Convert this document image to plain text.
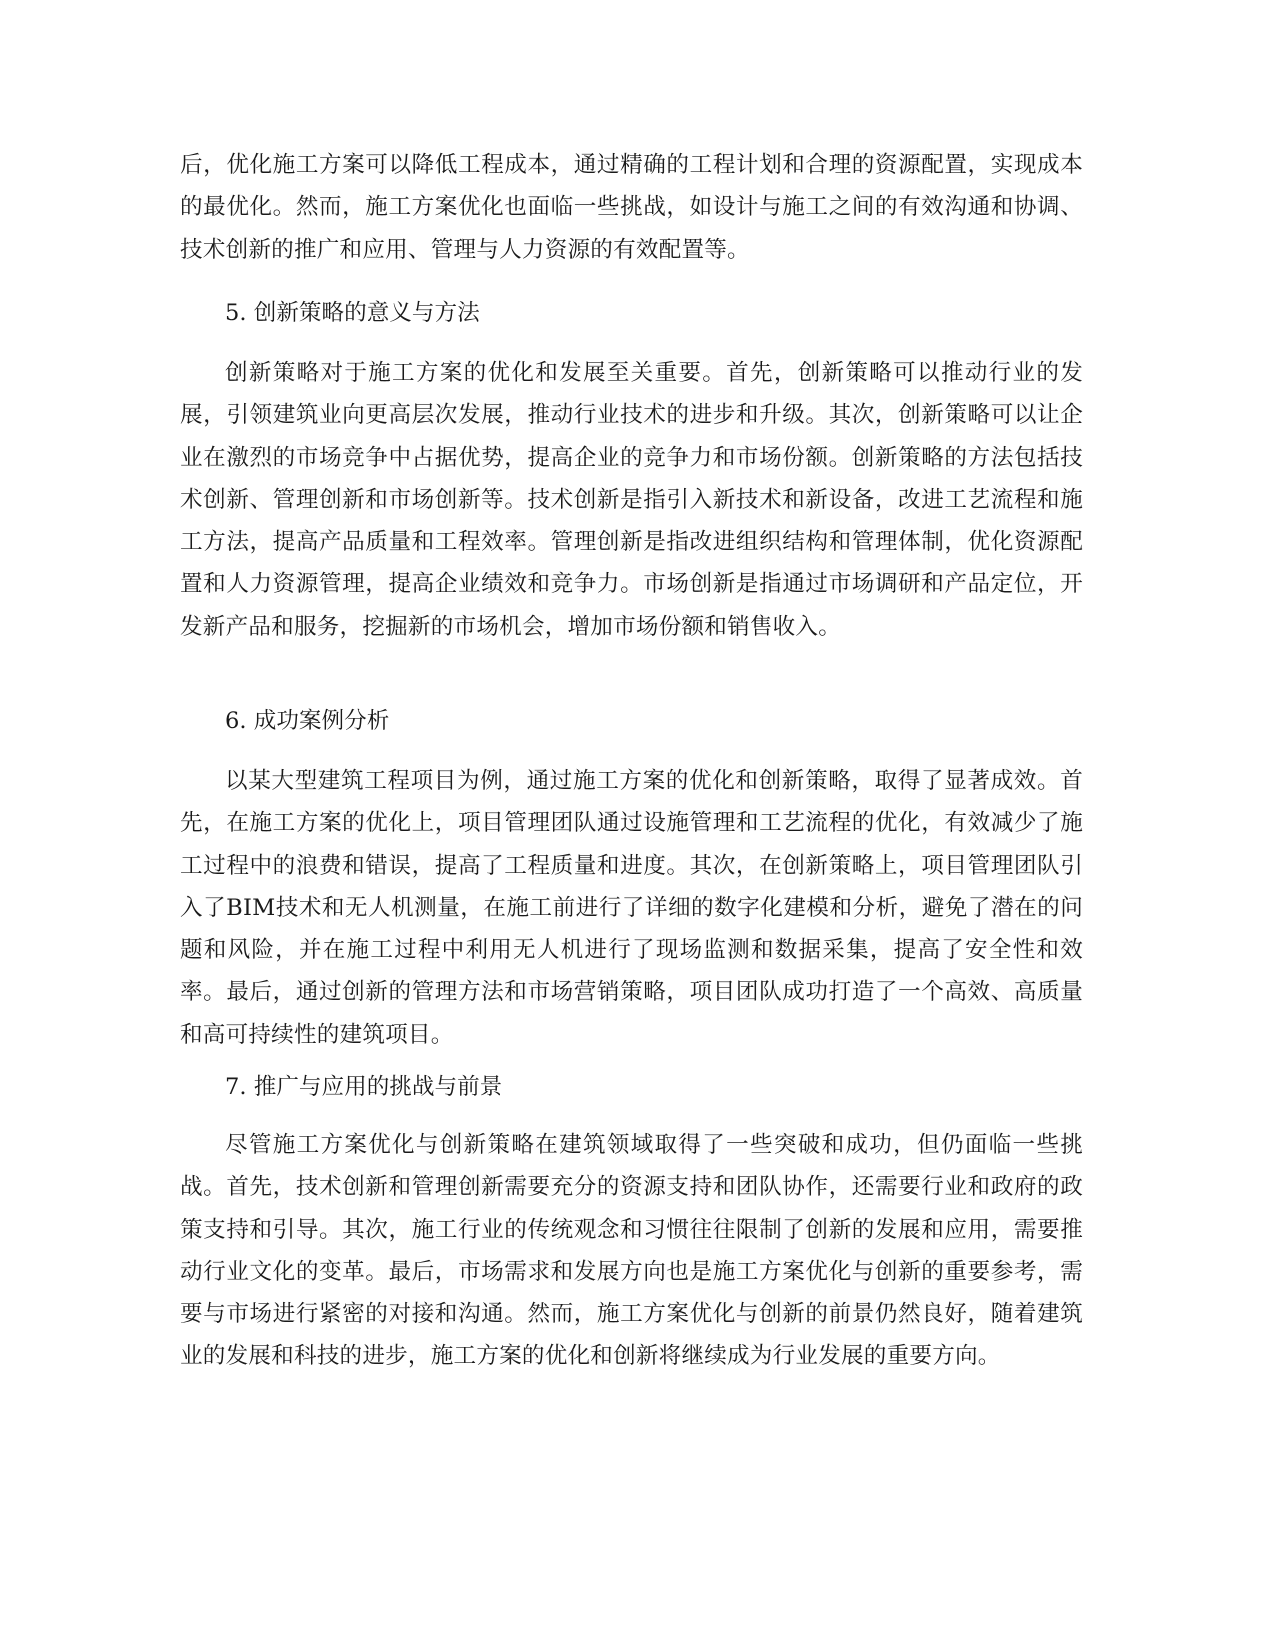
后，优化施工方案可以降低工程成本，通过精确的工程计划和合理的资源配置，实现成本的最优化。然而，施工方案优化也面临一些挑战，如设计与施工之间的有效沟通和协调、技术创新的推广和应用、管理与人力资源的有效配置等。

5. 创新策略的意义与方法

创新策略对于施工方案的优化和发展至关重要。首先，创新策略可以推动行业的发展，引领建筑业向更高层次发展，推动行业技术的进步和升级。其次，创新策略可以让企业在激烈的市场竞争中占据优势，提高企业的竞争力和市场份额。创新策略的方法包括技术创新、管理创新和市场创新等。技术创新是指引入新技术和新设备，改进工艺流程和施工方法，提高产品质量和工程效率。管理创新是指改进组织结构和管理体制，优化资源配置和人力资源管理，提高企业绩效和竞争力。市场创新是指通过市场调研和产品定位，开发新产品和服务，挖掘新的市场机会，增加市场份额和销售收入。

6. 成功案例分析

以某大型建筑工程项目为例，通过施工方案的优化和创新策略，取得了显著成效。首先，在施工方案的优化上，项目管理团队通过设施管理和工艺流程的优化，有效减少了施工过程中的浪费和错误，提高了工程质量和进度。其次，在创新策略上，项目管理团队引入了BIM技术和无人机测量，在施工前进行了详细的数字化建模和分析，避免了潜在的问题和风险，并在施工过程中利用无人机进行了现场监测和数据采集，提高了安全性和效率。最后，通过创新的管理方法和市场营销策略，项目团队成功打造了一个高效、高质量和高可持续性的建筑项目。

7. 推广与应用的挑战与前景

尽管施工方案优化与创新策略在建筑领域取得了一些突破和成功，但仍面临一些挑战。首先，技术创新和管理创新需要充分的资源支持和团队协作，还需要行业和政府的政策支持和引导。其次，施工行业的传统观念和习惯往往限制了创新的发展和应用，需要推动行业文化的变革。最后，市场需求和发展方向也是施工方案优化与创新的重要参考，需要与市场进行紧密的对接和沟通。然而，施工方案优化与创新的前景仍然良好，随着建筑业的发展和科技的进步，施工方案的优化和创新将继续成为行业发展的重要方向。
